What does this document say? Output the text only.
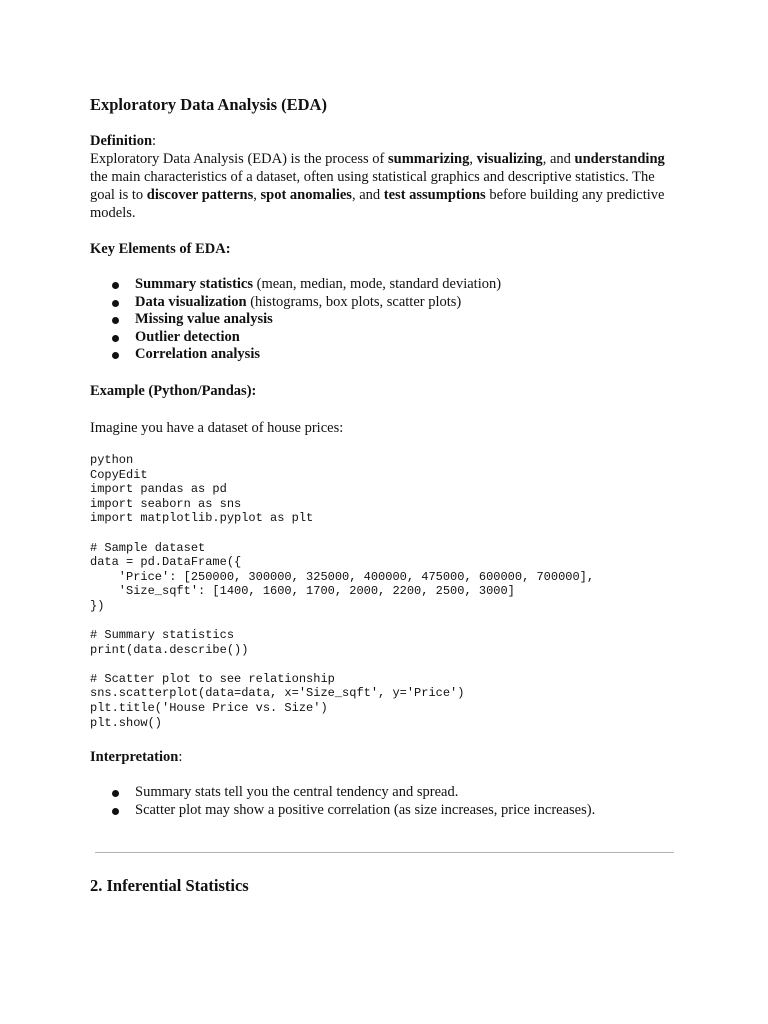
Exploratory Data Analysis (EDA)
Definition:

Exploratory Data Analysis (EDA) is the process of summarizing, visualizing, and understanding the main characteristics of a dataset, often using statistical graphics and descriptive statistics. The goal is to discover patterns, spot anomalies, and test assumptions before building any predictive models.

Key Elements of EDA:
Summary statistics (mean, median, mode, standard deviation)
Data visualization (histograms, box plots, scatter plots)
Missing value analysis
Outlier detection
Correlation analysis
Example (Python/Pandas):

Imagine you have a dataset of house prices:

python
CopyEdit
import pandas as pd
import seaborn as sns
import matplotlib.pyplot as plt

# Sample dataset
data = pd.DataFrame({
'Price': [250000, 300000, 325000, 400000, 475000, 600000, 700000],
'Size_sqft': [1400, 1600, 1700, 2000, 2200, 2500, 3000]
})

# Summary statistics
print(data.describe())

# Scatter plot to see relationship
sns.scatterplot(data=data, x='Size_sqft', y='Price')
plt.title('House Price vs. Size')
plt.show()
Interpretation:
Summary stats tell you the central tendency and spread.
Scatter plot may show a positive correlation (as size increases, price increases).
2. Inferential Statistics
